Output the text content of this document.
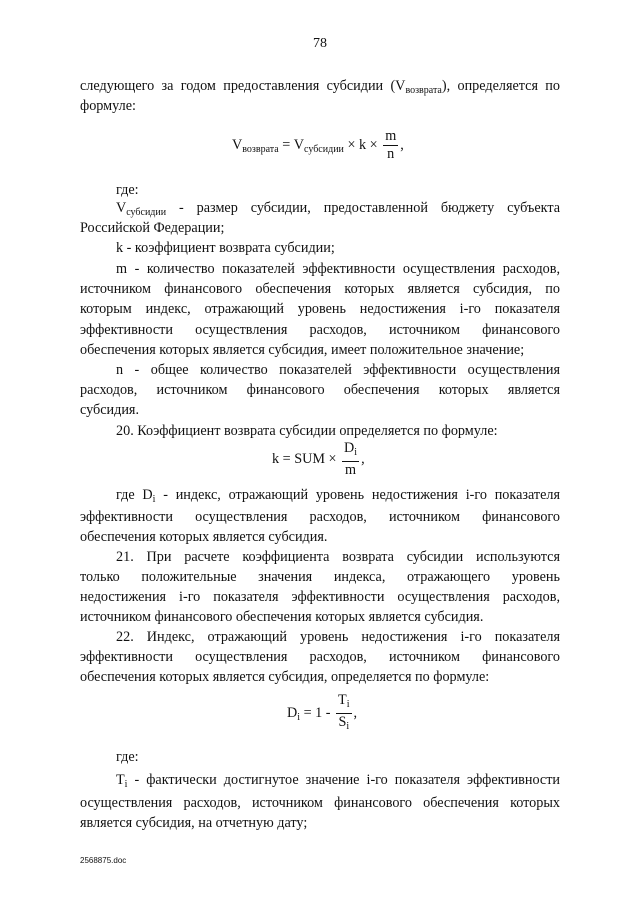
78
следующего за годом предоставления субсидии $(V_{возврата})$, определяется по
формуле:
где:
$V_{субсидии}$ - размер субсидии, предоставленной бюджету субъекта
Российской Федерации;
k - коэффициент возврата субсидии;
m - количество показателей эффективности осуществления расходов,
источником финансового обеспечения которых является субсидия, по
которым индекс, отражающий уровень недостижения i-го показателя
эффективности осуществления расходов, источником финансового
обеспечения которых является субсидия, имеет положительное значение;
n - общее количество показателей эффективности осуществления
расходов, источником финансового обеспечения которых является
субсидия.
20. Коэффициент возврата субсидии определяется по формуле:
где $D_i$ - индекс, отражающий уровень недостижения i-го показателя
эффективности осуществления расходов, источником финансового
обеспечения которых является субсидия.
21. При расчете коэффициента возврата субсидии используются
только положительные значения индекса, отражающего уровень
недостижения i-го показателя эффективности осуществления расходов,
источником финансового обеспечения которых является субсидия.
22. Индекс, отражающий уровень недостижения i-го показателя
эффективности осуществления расходов, источником финансового
обеспечения которых является субсидия, определяется по формуле:
где:
$T_i$ - фактически достигнутое значение i-го показателя эффективности
осуществления расходов, источником финансового обеспечения которых
является субсидия, на отчетную дату;
$V_{возврата} = V_{субсидии} \times k \times \frac{m}{n}$ ,
k = SUM × $\frac{D_i}{m}$ ,
$D_i = 1 - \frac{T_i}{S_i}$ ,
2568875.doc
